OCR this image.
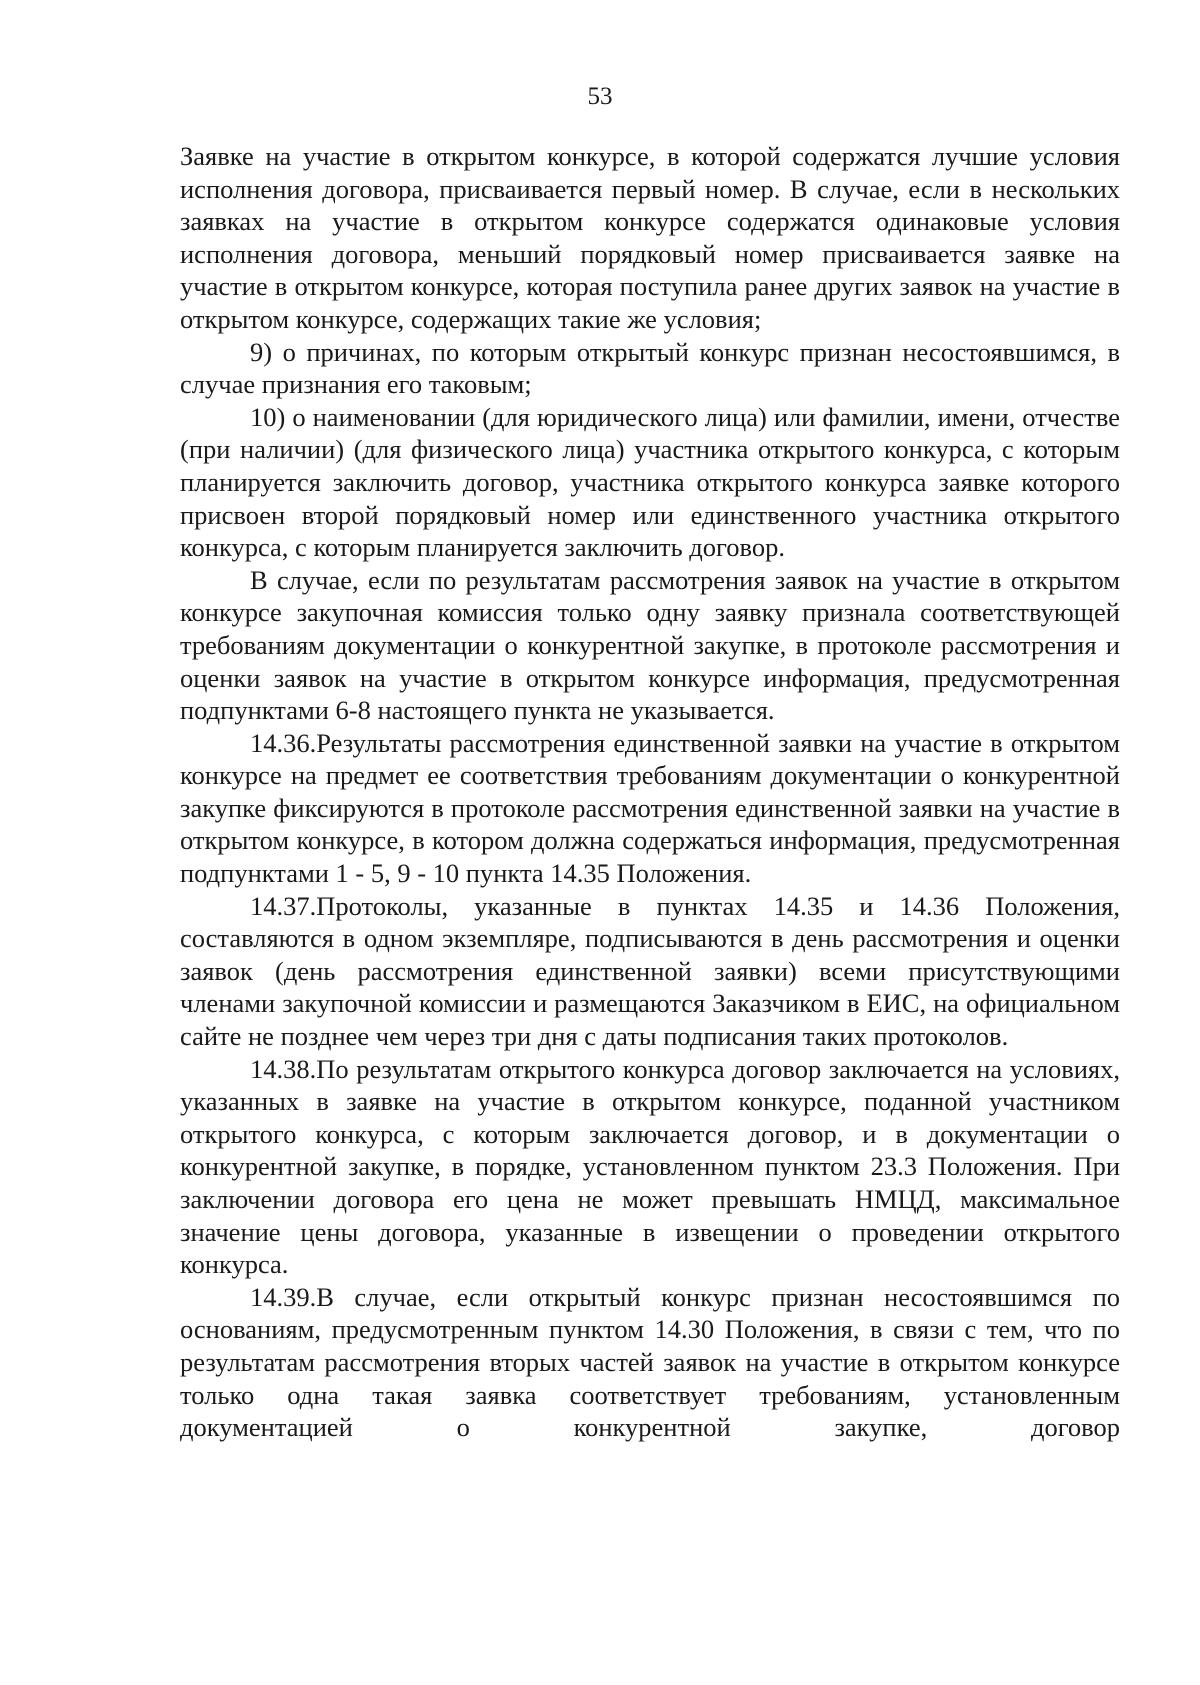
53

Заявке на участие в открытом конкурсе, в которой содержатся лучшие условия исполнения договора, присваивается первый номер. В случае, если в нескольких заявках на участие в открытом конкурсе содержатся одинаковые условия исполнения договора, меньший порядковый номер присваивается заявке на участие в открытом конкурсе, которая поступила ранее других заявок на участие в открытом конкурсе, содержащих такие же условия;

9) о причинах, по которым открытый конкурс признан несостоявшимся, в случае признания его таковым;

10) о наименовании (для юридического лица) или фамилии, имени, отчестве (при наличии) (для физического лица) участника открытого конкурса, с которым планируется заключить договор, участника открытого конкурса заявке которого присвоен второй порядковый номер или единственного участника открытого конкурса, с которым планируется заключить договор.

В случае, если по результатам рассмотрения заявок на участие в открытом конкурсе закупочная комиссия только одну заявку признала соответствующей требованиям документации о конкурентной закупке, в протоколе рассмотрения и оценки заявок на участие в открытом конкурсе информация, предусмотренная подпунктами 6-8 настоящего пункта не указывается.

14.36.Результаты рассмотрения единственной заявки на участие в открытом конкурсе на предмет ее соответствия требованиям документации о конкурентной закупке фиксируются в протоколе рассмотрения единственной заявки на участие в открытом конкурсе, в котором должна содержаться информация, предусмотренная подпунктами 1 - 5, 9 - 10 пункта 14.35 Положения.

14.37.Протоколы, указанные в пунктах 14.35 и 14.36 Положения, составляются в одном экземпляре, подписываются в день рассмотрения и оценки заявок (день рассмотрения единственной заявки) всеми присутствующими членами закупочной комиссии и размещаются Заказчиком в ЕИС, на официальном сайте не позднее чем через три дня с даты подписания таких протоколов.

14.38.По результатам открытого конкурса договор заключается на условиях, указанных в заявке на участие в открытом конкурсе, поданной участником открытого конкурса, с которым заключается договор, и в документации о конкурентной закупке, в порядке, установленном пунктом 23.3 Положения. При заключении договора его цена не может превышать НМЦД, максимальное значение цены договора, указанные в извещении о проведении открытого конкурса.

14.39.В случае, если открытый конкурс признан несостоявшимся по основаниям, предусмотренным пунктом 14.30 Положения, в связи с тем, что по результатам рассмотрения вторых частей заявок на участие в открытом конкурсе только одна такая заявка соответствует требованиям, установленным документацией о конкурентной закупке, договор
